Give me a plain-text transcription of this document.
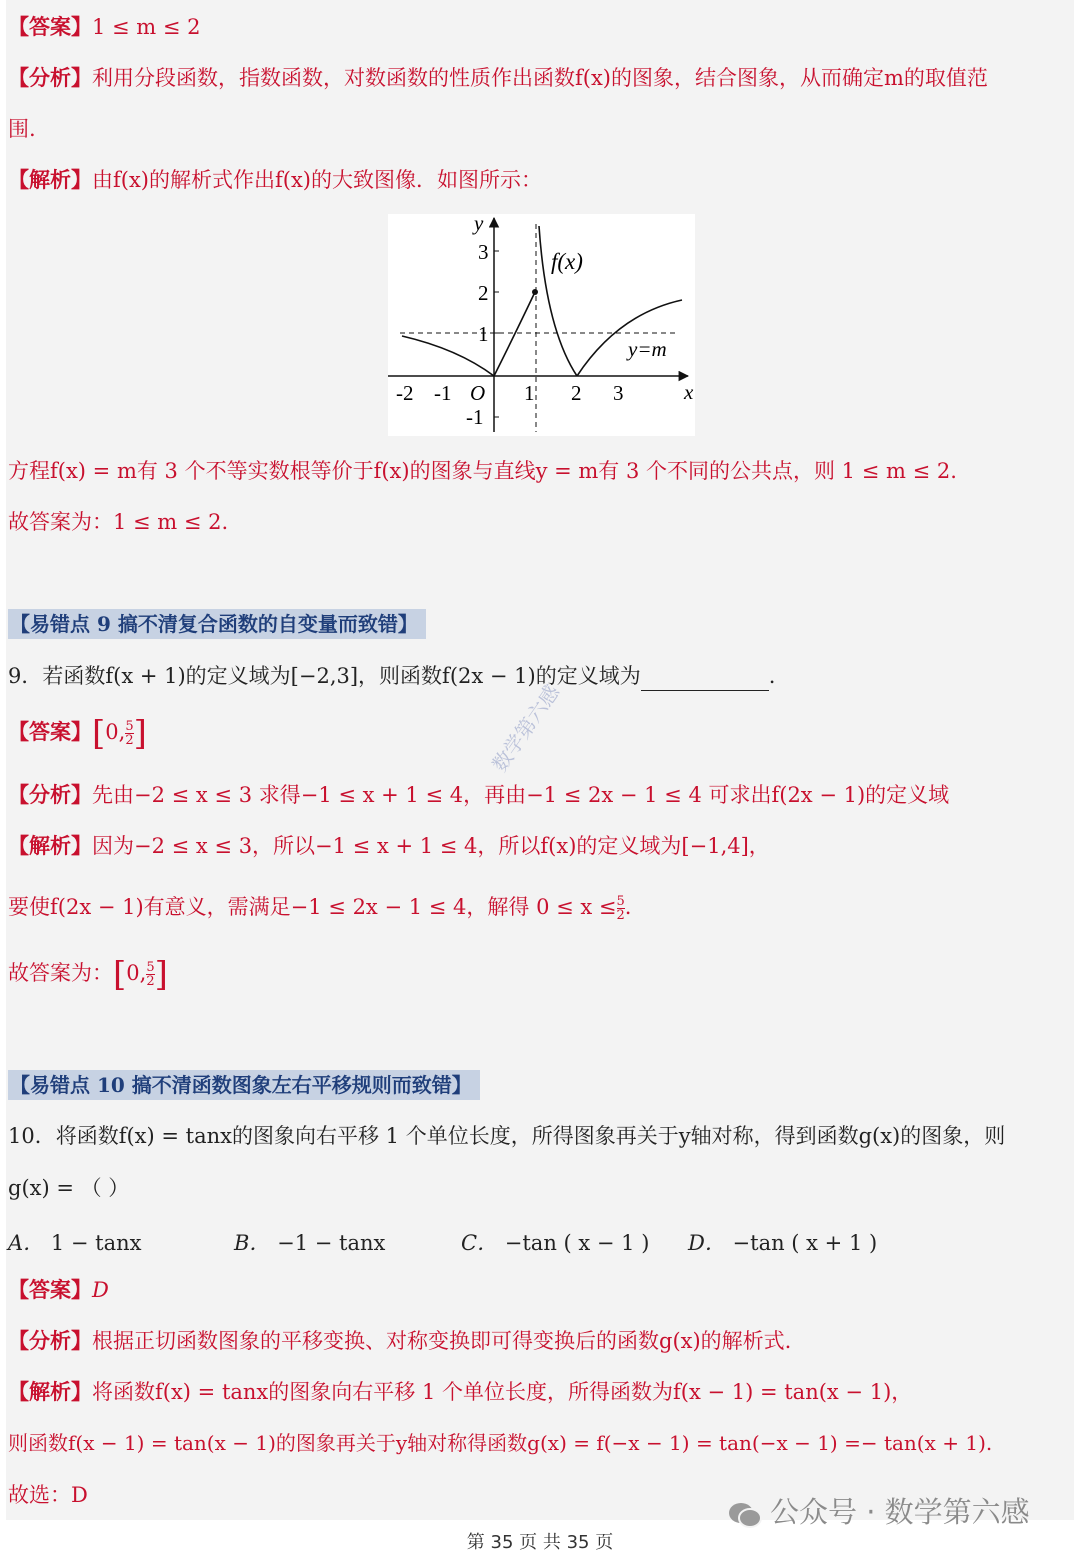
【答案】1 ≤ m ≤ 2
【分析】利用分段函数，指数函数，对数函数的性质作出函数f(x)的图象，结合图象，从而确定m的取值范
围.
【解析】由f(x)的解析式作出f(x)的大致图像．如图所示：
y
x
3
2
1
-1
-2 -1 O 1 2 3
f(x)
y=m
方程f(x) = m有 3 个不等实数根等价于f(x)的图象与直线y = m有 3 个不同的公共点，则 1 ≤ m ≤ 2.
故答案为：1 ≤ m ≤ 2.
【易错点 9 搞不清复合函数的自变量而致错】
9．若函数f(x + 1)的定义域为[−2,3]，则函数f(2x − 1)的定义域为	.
【答案】[0, $\frac{5}{2}$ ]
【分析】先由−2 ≤ x ≤ 3 求得−1 ≤ x + 1 ≤ 4，再由−1 ≤ 2x − 1 ≤ 4 可求出f(2x − 1)的定义域
【解析】因为−2 ≤ x ≤ 3，所以−1 ≤ x + 1 ≤ 4，所以f(x)的定义域为[−1,4]，
要使f(2x − 1)有意义，需满足−1 ≤ 2x − 1 ≤ 4，解得 $0 \le x \le \frac{5}{2}$ .
故答案为：[0, $\frac{5}{2}$ ]
数学第六感
【易错点 10 搞不清函数图象左右平移规则而致错】
10．将函数f(x) = tanx的图象向右平移 1 个单位长度，所得图象再关于y轴对称，得到函数g(x)的图象，则
g(x) = （ ）
A． 1 − tanx	B． −1 − tanx	C． −tan ( x − 1 ) D． −tan ( x + 1 )
【答案】D
【分析】根据正切函数图象的平移变换、对称变换即可得变换后的函数g(x)的解析式.
【解析】将函数f(x) = tanx的图象向右平移 1 个单位长度，所得函数为f(x − 1) = tan(x − 1)，
则函数f(x − 1) = tan(x − 1)的图象再关于y轴对称得函数g(x) = f(−x − 1) = tan(−x − 1) =− tan(x + 1).
故选：D	公众号 · 数学第六感
第 35 页 共 35 页
